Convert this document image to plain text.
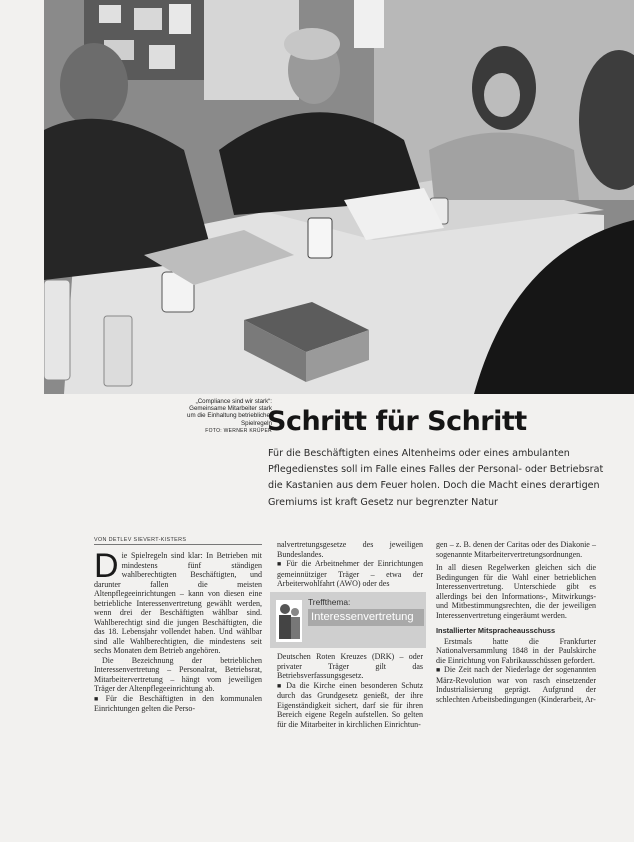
„Compliance sind wir stark“: Gemeinsame Mitarbeiter stark um die Einhaltung betrieblicher Spielregeln
FOTO: WERNER KRÜPER
Schritt für Schritt

Für die Beschäftigten eines Altenheims oder eines ambulanten Pflegedienstes soll im Falle eines Falles der Personal- oder Betriebsrat die Kastanien aus dem Feuer holen. Doch die Macht eines derartigen Gremiums ist kraft Gesetz nur begrenzter Natur

VON DETLEV SIEVERT-KISTERS

Die Spielregeln sind klar: In Betrieben mit mindestens fünf ständigen wahlberechtigten Beschäftigten, und darunter fallen die meisten Altenpflegeeinrichtungen – kann von diesen eine betriebliche Interessenvertretung gewählt werden, wenn drei der Beschäftigten wählbar sind. Wahlberechtigt sind die jungen Beschäftigten, die das 18. Lebensjahr vollendet haben. Und wählbar sind alle Wahlberechtigten, die mindestens seit sechs Monaten dem Betrieb angehören.

Die Bezeichnung der betrieblichen Interessenvertretung – Personalrat, Betriebsrat, Mitarbeitervertretung – hängt vom jeweiligen Träger der Altenpflegeeinrichtung ab.

■ Für die Beschäftigten in den kommunalen Einrichtungen gelten die Perso-

nalvertretungsgesetze des jeweiligen Bundeslandes.

■ Für die Arbeitnehmer der Einrichtungen gemeinnütziger Träger – etwa der Arbeiterwohlfahrt (AWO) oder des

Deutschen Roten Kreuzes (DRK) – oder privater Träger gilt das Betriebsverfassungsgesetz.

■ Da die Kirche einen besonderen Schutz durch das Grundgesetz genießt, der ihre Eigenständigkeit sichert, darf sie für ihren Bereich eigene Regeln aufstellen. So gelten für die Mitarbeiter in kirchlichen Einrichtun-

Treffthema:
Interessenvertretung

gen – z. B. denen der Caritas oder des Diakonie – sogenannte Mitarbeitervertretungsordnungen.

In all diesen Regelwerken gleichen sich die Bedingungen für die Wahl einer betrieblichen Interessenvertretung. Unterschiede gibt es allerdings bei den Informations-, Mitwirkungs- und Mitbestimmungsrechten, die der jeweiligen Interessenvertretung eingeräumt werden.

Installierter Mitspracheausschuss

Erstmals hatte die Frankfurter Nationalversammlung 1848 in der Paulskirche die Einrichtung von Fabrikausschüssen gefordert.

■ Die Zeit nach der Niederlage der sogenannten März-Revolution war von rasch einsetzender Industrialisierung geprägt. Aufgrund der schlechten Arbeitsbedingungen (Kinderarbeit, Ar-
